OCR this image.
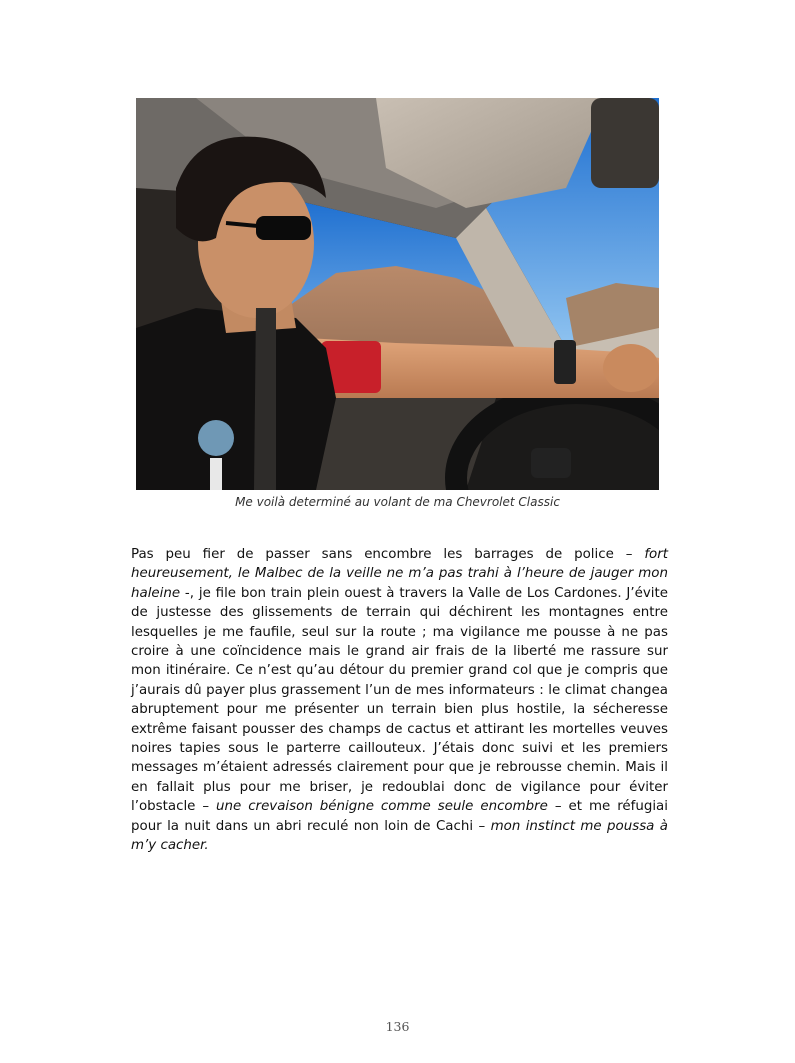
Me voilà determiné au volant de ma Chevrolet Classic
Pas peu fier de passer sans encombre les barrages de police – fort heureusement, le Malbec de la veille ne m’a pas trahi à l’heure de jauger mon haleine -, je file bon train plein ouest à travers la Valle de Los Cardones. J’évite de justesse des glissements de terrain qui déchirent les montagnes entre lesquelles je me faufile, seul sur la route ; ma vigilance me pousse à ne pas croire à une coïncidence mais le grand air frais de la liberté me rassure sur mon itinéraire. Ce n’est qu’au détour du premier grand col que je compris que j’aurais dû payer plus grassement l’un de mes informateurs : le climat changea abruptement pour me présenter un terrain bien plus hostile, la sécheresse extrême faisant pousser des champs de cactus et attirant les mortelles veuves noires tapies sous le parterre caillouteux. J’étais donc suivi et les premiers messages m’étaient adressés clairement pour que je rebrousse chemin. Mais il en fallait plus pour me briser, je redoublai donc de vigilance pour éviter l’obstacle – une crevaison bénigne comme seule encombre – et me réfugiai pour la nuit dans un abri reculé non loin de Cachi – mon instinct me poussa à m’y cacher.
136
